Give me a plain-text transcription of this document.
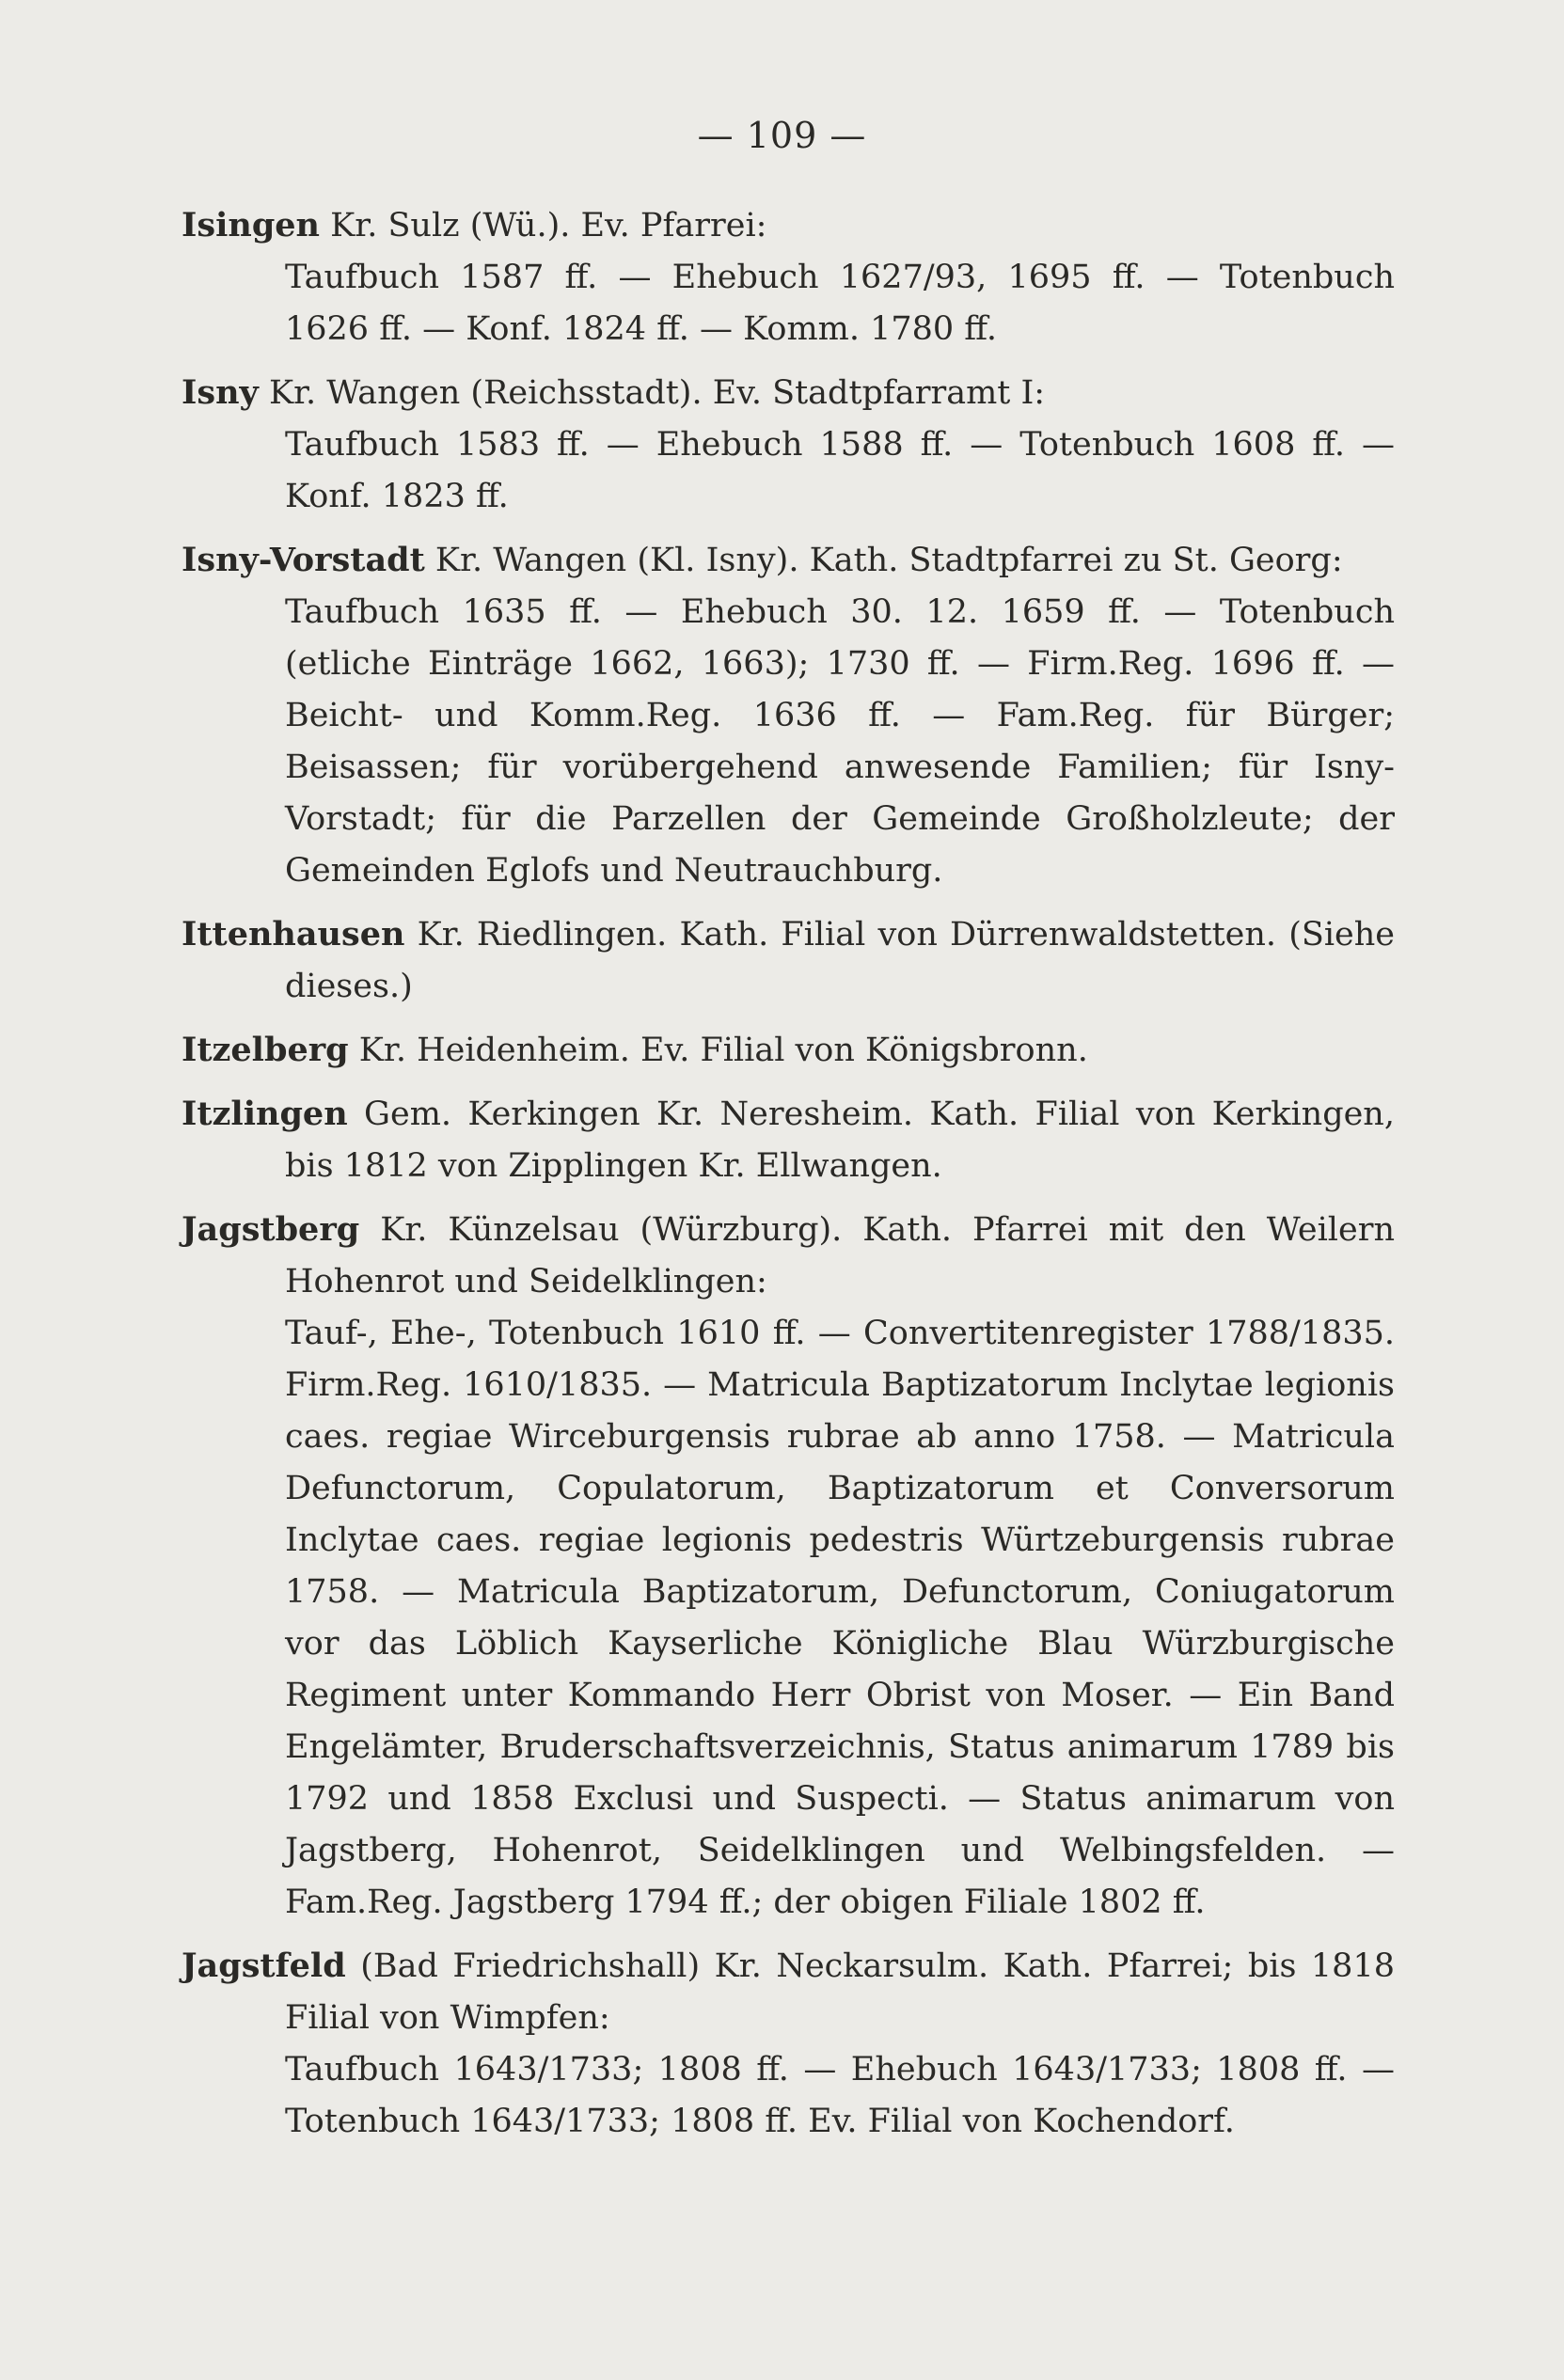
— 109 —
Isingen Kr. Sulz (Wü.). Ev. Pfarrei:
Taufbuch 1587 ff. — Ehebuch 1627/93, 1695 ff. — Totenbuch 1626 ff. — Konf. 1824 ff. — Komm. 1780 ff.
Isny Kr. Wangen (Reichsstadt). Ev. Stadtpfarramt I:
Taufbuch 1583 ff. — Ehebuch 1588 ff. — Totenbuch 1608 ff. — Konf. 1823 ff.
Isny-Vorstadt Kr. Wangen (Kl. Isny). Kath. Stadtpfarrei zu St. Georg:
Taufbuch 1635 ff. — Ehebuch 30. 12. 1659 ff. — Totenbuch (etliche Einträge 1662, 1663); 1730 ff. — Firm.Reg. 1696 ff. — Beicht- und Komm.Reg. 1636 ff. — Fam.Reg. für Bürger; Beisassen; für vorübergehend anwesende Familien; für Isny-Vorstadt; für die Parzellen der Gemeinde Großholzleute; der Gemeinden Eglofs und Neutrauchburg.
Ittenhausen Kr. Riedlingen. Kath. Filial von Dürrenwaldstetten. (Siehe dieses.)
Itzelberg Kr. Heidenheim. Ev. Filial von Königsbronn.
Itzlingen Gem. Kerkingen Kr. Neresheim. Kath. Filial von Kerkingen, bis 1812 von Zipplingen Kr. Ellwangen.
Jagstberg Kr. Künzelsau (Würzburg). Kath. Pfarrei mit den Weilern Hohenrot und Seidelklingen:
Tauf-, Ehe-, Totenbuch 1610 ff. — Convertitenregister 1788/1835. Firm.Reg. 1610/1835. — Matricula Baptizatorum Inclytae legionis caes. regiae Wirceburgensis rubrae ab anno 1758. — Matricula Defunctorum, Copulatorum, Baptizatorum et Conversorum Inclytae caes. regiae legionis pedestris Würtzeburgensis rubrae 1758. — Matricula Baptizatorum, Defunctorum, Coniugatorum vor das Löblich Kayserliche Königliche Blau Würzburgische Regiment unter Kommando Herr Obrist von Moser. — Ein Band Engelämter, Bruderschaftsverzeichnis, Status animarum 1789 bis 1792 und 1858 Exclusi und Suspecti. — Status animarum von Jagstberg, Hohenrot, Seidelklingen und Welbingsfelden. — Fam.Reg. Jagstberg 1794 ff.; der obigen Filiale 1802 ff.
Jagstfeld (Bad Friedrichshall) Kr. Neckarsulm. Kath. Pfarrei; bis 1818 Filial von Wimpfen:
Taufbuch 1643/1733; 1808 ff. — Ehebuch 1643/1733; 1808 ff. — Totenbuch 1643/1733; 1808 ff. Ev. Filial von Kochendorf.
